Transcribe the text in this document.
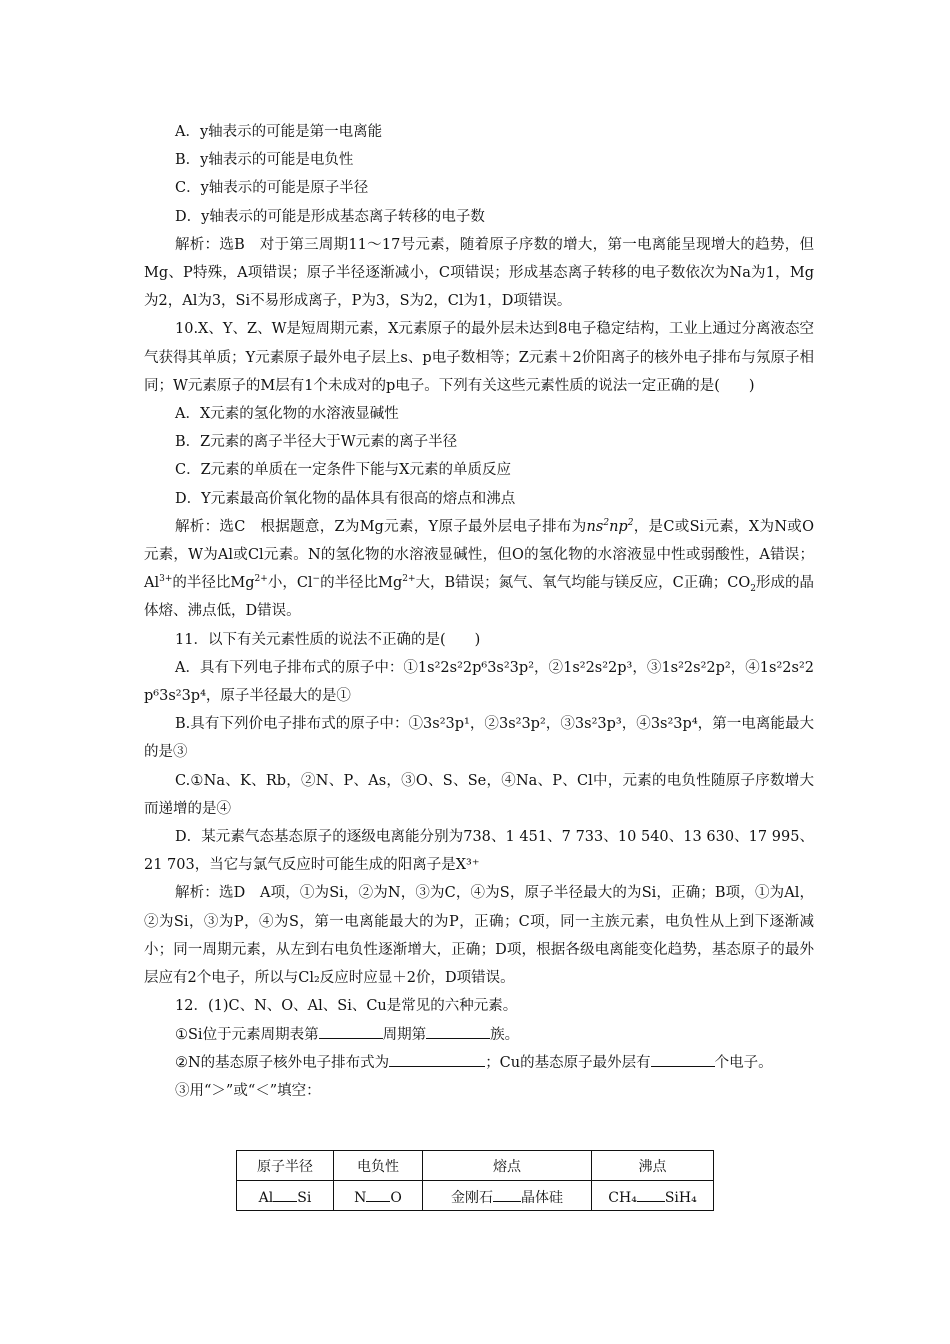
A．y轴表示的可能是第一电离能

B．y轴表示的可能是电负性

C．y轴表示的可能是原子半径

D．y轴表示的可能是形成基态离子转移的电子数

解析：选B　对于第三周期11～17号元素，随着原子序数的增大，第一电离能呈现增大的趋势，但Mg、P特殊，A项错误；原子半径逐渐减小，C项错误；形成基态离子转移的电子数依次为Na为1，Mg为2，Al为3，Si不易形成离子，P为3，S为2，Cl为1，D项错误。

10.X、Y、Z、W是短周期元素，X元素原子的最外层未达到8电子稳定结构，工业上通过分离液态空气获得其单质；Y元素原子最外电子层上s、p电子数相等；Z元素＋2价阳离子的核外电子排布与氖原子相同；W元素原子的M层有1个未成对的p电子。下列有关这些元素性质的说法一定正确的是(　　)

A．X元素的氢化物的水溶液显碱性

B．Z元素的离子半径大于W元素的离子半径

C．Z元素的单质在一定条件下能与X元素的单质反应

D．Y元素最高价氧化物的晶体具有很高的熔点和沸点

解析：选C　根据题意，Z为Mg元素，Y原子最外层电子排布为$ns^2np^2$，是C或Si元素，X为N或O元素，W为Al或Cl元素。N的氢化物的水溶液显碱性，但O的氢化物的水溶液显中性或弱酸性，A错误；$Al^{3+}$的半径比$Mg^{2+}$小，Cl−的半径比$Mg^{2+}$大，B错误；氮气、氧气均能与镁反应，C正确；$CO_2$形成的晶体熔、沸点低，D错误。

11．以下有关元素性质的说法不正确的是(　　)

A．具有下列电子排布式的原子中：①1s²2s²2p⁶3s²3p²，②1s²2s²2p³，③1s²2s²2p²，④1s²2s²2p⁶3s²3p⁴，原子半径最大的是①

B.具有下列价电子排布式的原子中：①3s²3p¹，②3s²3p²，③3s²3p³，④3s²3p⁴，第一电离能最大的是③

C.①Na、K、Rb，②N、P、As，③O、S、Se，④Na、P、Cl中，元素的电负性随原子序数增大而递增的是④

D．某元素气态基态原子的逐级电离能分别为738、1 451、7 733、10 540、13 630、17 995、21 703，当它与氯气反应时可能生成的阳离子是X³⁺

解析：选D　A项，①为Si，②为N，③为C，④为S，原子半径最大的为Si，正确；B项，①为Al，②为Si，③为P，④为S，第一电离能最大的为P，正确；C项，同一主族元素，电负性从上到下逐渐减小；同一周期元素，从左到右电负性逐渐增大，正确；D项，根据各级电离能变化趋势，基态原子的最外层应有2个电子，所以与Cl₂反应时应显＋2价，D项错误。

12．(1)C、N、O、Al、Si、Cu是常见的六种元素。

①Si位于元素周期表第	周期第	族。

②N的基态原子核外电子排布式为	；Cu的基态原子最外层有	个电子。

③用“＞”或“＜”填空：

原子半径	电负性	熔点	沸点
Al Si	N O	金刚石 晶体硅	CH₄ SiH₄
